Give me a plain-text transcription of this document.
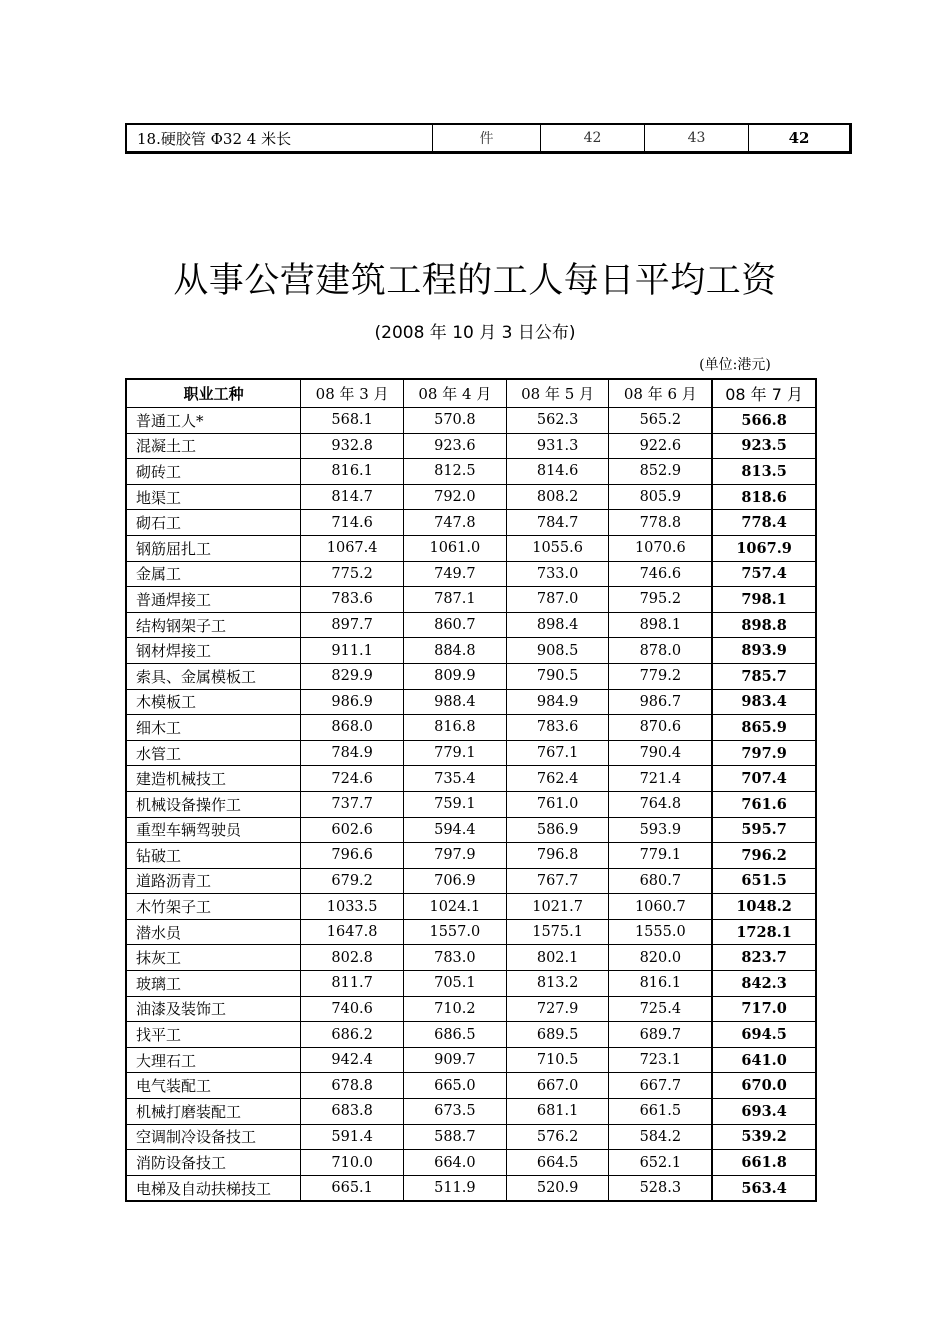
18.硬胶管 Φ32 4 米长	件	42	43	42
从事公营建筑工程的工人每日平均工资
(2008 年 10 月 3 日公布)
(单位:港元)
职业工种	08 年 3 月	08 年 4 月	08 年 5 月	08 年 6 月	08 年 7 月
普通工人*	568.1	570.8	562.3	565.2	566.8
混凝土工	932.8	923.6	931.3	922.6	923.5
砌砖工	816.1	812.5	814.6	852.9	813.5
地渠工	814.7	792.0	808.2	805.9	818.6
砌石工	714.6	747.8	784.7	778.8	778.4
钢筋屈扎工	1067.4	1061.0	1055.6	1070.6	1067.9
金属工	775.2	749.7	733.0	746.6	757.4
普通焊接工	783.6	787.1	787.0	795.2	798.1
结构钢架子工	897.7	860.7	898.4	898.1	898.8
钢材焊接工	911.1	884.8	908.5	878.0	893.9
索具、金属模板工	829.9	809.9	790.5	779.2	785.7
木模板工	986.9	988.4	984.9	986.7	983.4
细木工	868.0	816.8	783.6	870.6	865.9
水管工	784.9	779.1	767.1	790.4	797.9
建造机械技工	724.6	735.4	762.4	721.4	707.4
机械设备操作工	737.7	759.1	761.0	764.8	761.6
重型车辆驾驶员	602.6	594.4	586.9	593.9	595.7
钻破工	796.6	797.9	796.8	779.1	796.2
道路沥青工	679.2	706.9	767.7	680.7	651.5
木竹架子工	1033.5	1024.1	1021.7	1060.7	1048.2
潜水员	1647.8	1557.0	1575.1	1555.0	1728.1
抹灰工	802.8	783.0	802.1	820.0	823.7
玻璃工	811.7	705.1	813.2	816.1	842.3
油漆及装饰工	740.6	710.2	727.9	725.4	717.0
找平工	686.2	686.5	689.5	689.7	694.5
大理石工	942.4	909.7	710.5	723.1	641.0
电气装配工	678.8	665.0	667.0	667.7	670.0
机械打磨装配工	683.8	673.5	681.1	661.5	693.4
空调制冷设备技工	591.4	588.7	576.2	584.2	539.2
消防设备技工	710.0	664.0	664.5	652.1	661.8
电梯及自动扶梯技工	665.1	511.9	520.9	528.3	563.4
